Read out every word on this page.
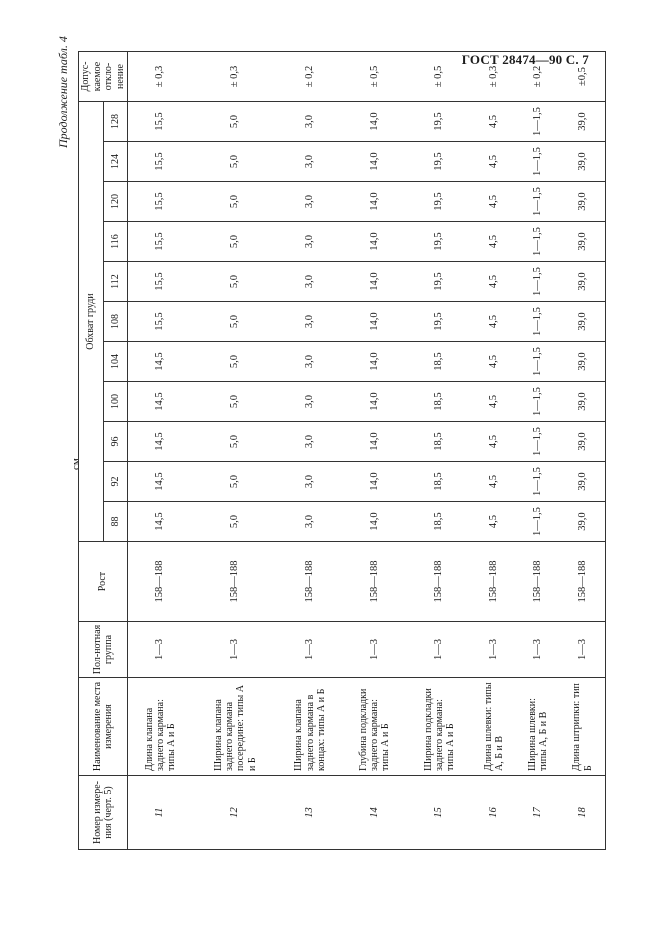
ГОСТ 28474—90 С. 7
Продолжение табл. 4
см
Номер измере-ния (черт. 5)	Наименование места измерения	Пол-нотная группа	Рост	Обхват груди											Допус-каемое откло-нение
				88	92	96	100	104	108	112	116	120	124	128	
11	Длина клапана заднего кармана: типы А и Б	1—3	158—188	14,5	14,5	14,5	14,5	14,5	15,5	15,5	15,5	15,5	15,5	15,5	± 0,3
12	Ширина клапана заднего кармана посередине: типы А и Б	1—3	158—188	5,0	5,0	5,0	5,0	5,0	5,0	5,0	5,0	5,0	5,0	5,0	± 0,3
13	Ширина клапана заднего кармана в концах: типы А и Б	1—3	158—188	3,0	3,0	3,0	3,0	3,0	3,0	3,0	3,0	3,0	3,0	3,0	± 0,2
14	Глубина подкладки заднего кармана: типы А и Б	1—3	158—188	14,0	14,0	14,0	14,0	14,0	14,0	14,0	14,0	14,0	14,0	14,0	± 0,5
15	Ширина подкладки заднего кармана: типы А и Б	1—3	158—188	18,5	18,5	18,5	18,5	18,5	19,5	19,5	19,5	19,5	19,5	19,5	± 0,5
16	Длина шлевки: типы А, Б и В	1—3	158—188	4,5	4,5	4,5	4,5	4,5	4,5	4,5	4,5	4,5	4,5	4,5	± 0,3
17	Ширина шлевки: типы А, Б и В	1—3	158—188	1—1,5	1—1,5	1—1,5	1—1,5	1—1,5	1—1,5	1—1,5	1—1,5	1—1,5	1—1,5	1—1,5	± 0,2
18	Длина штрипки: тип Б	1—3	158—188	39,0	39,0	39,0	39,0	39,0	39,0	39,0	39,0	39,0	39,0	39,0	±0,5
